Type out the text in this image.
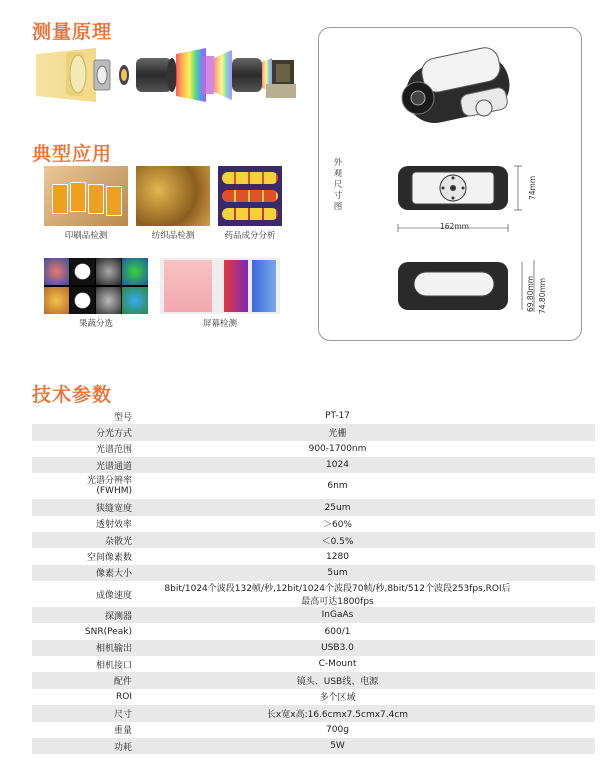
测量原理
典型应用
技术参数
印刷品检测	纺织品检测	药品成分分析
果蔬分选	屏幕检测
外观尺寸图
162mm
74mm
69.80mm 74.80mm
型号	PT-17
分光方式	光栅
光谱范围	900-1700nm
光谱通道	1024
光谱分辨率
(FWHM)	6nm
狭缝宽度	25um
透射效率	＞60%
杂散光	＜0.5%
空间像素数	1280
像素大小	5um
成像速度	8bit/1024个波段132帧/秒,12bit/1024个波段70帧/秒,8bit/512个波段253fps,ROI后最高可达1800fps
探测器	InGaAs
SNR(Peak)	600/1
相机输出	USB3.0
相机接口	C-Mount
配件	镜头、USB线、电源
ROI	多个区域
尺寸	长x宽x高:16.6cmx7.5cmx7.4cm
重量	700g
功耗	5W
